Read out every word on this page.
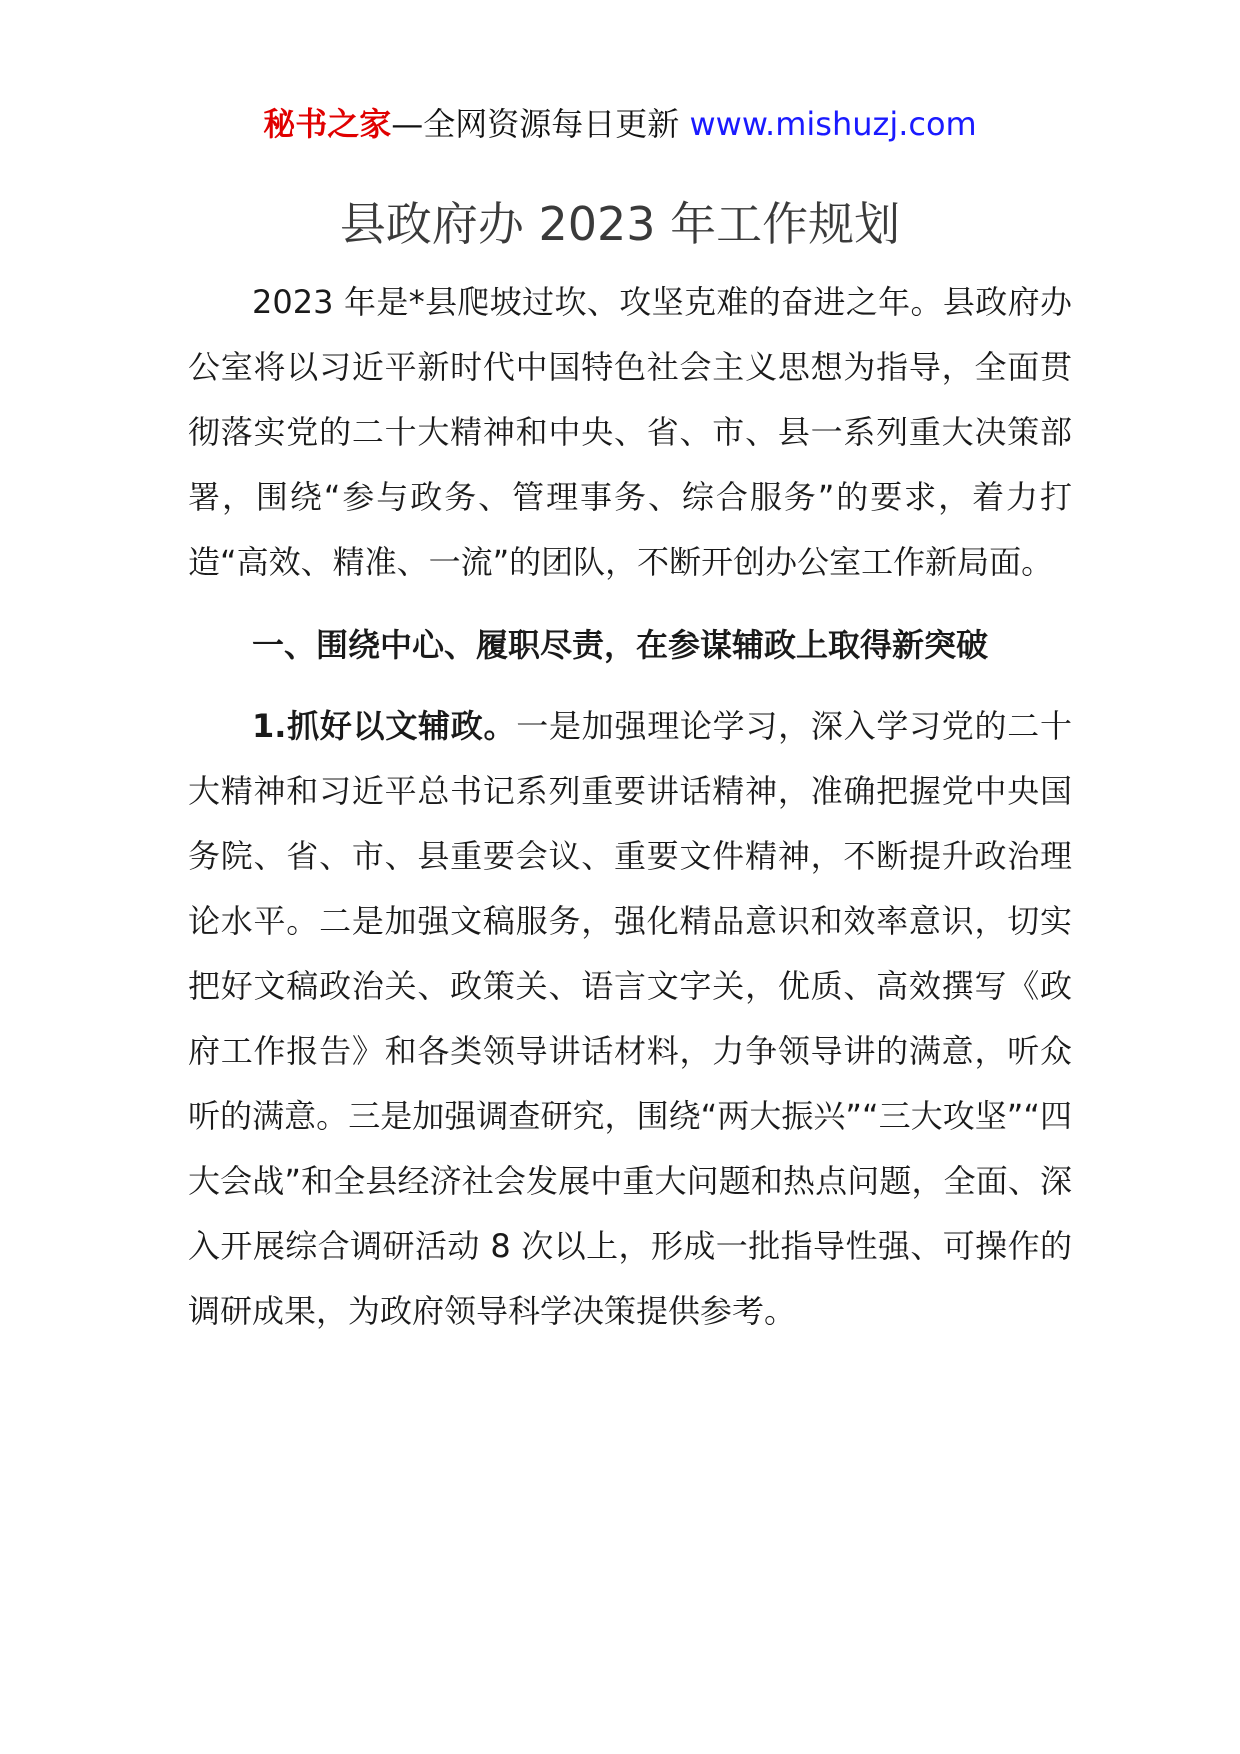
秘书之家—全网资源每日更新 www.mishuzj.com
县政府办 2023 年工作规划

2023 年是*县爬坡过坎、攻坚克难的奋进之年。县政府办公室将以习近平新时代中国特色社会主义思想为指导，全面贯彻落实党的二十大精神和中央、省、市、县一系列重大决策部署，围绕“参与政务、管理事务、综合服务”的要求，着力打造“高效、精准、一流”的团队，不断开创办公室工作新局面。

一、围绕中心、履职尽责，在参谋辅政上取得新突破

1.抓好以文辅政。一是加强理论学习，深入学习党的二十大精神和习近平总书记系列重要讲话精神，准确把握党中央国务院、省、市、县重要会议、重要文件精神，不断提升政治理论水平。二是加强文稿服务，强化精品意识和效率意识，切实把好文稿政治关、政策关、语言文字关，优质、高效撰写《政府工作报告》和各类领导讲话材料，力争领导讲的满意，听众听的满意。三是加强调查研究，围绕“两大振兴”“三大攻坚”“四大会战”和全县经济社会发展中重大问题和热点问题，全面、深入开展综合调研活动 8 次以上，形成一批指导性强、可操作的调研成果，为政府领导科学决策提供参考。
